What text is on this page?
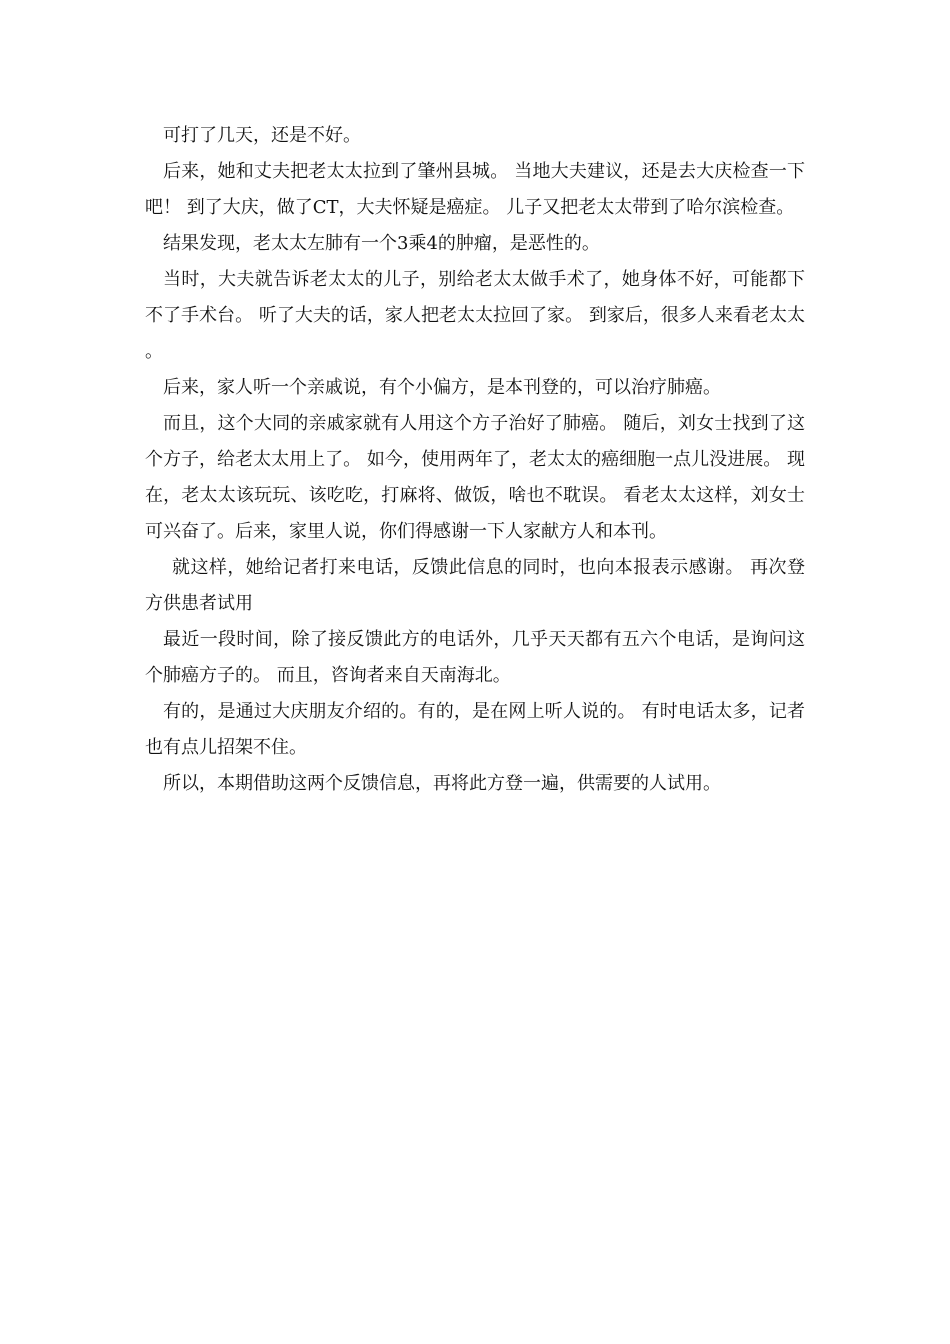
可打了几天，还是不好。

后来，她和丈夫把老太太拉到了肇州县城。 当地大夫建议，还是去大庆检查一下吧！ 到了大庆，做了CT，大夫怀疑是癌症。 儿子又把老太太带到了哈尔滨检查。

结果发现，老太太左肺有一个3乘4的肿瘤，是恶性的。

当时，大夫就告诉老太太的儿子，别给老太太做手术了，她身体不好，可能都下不了手术台。 听了大夫的话，家人把老太太拉回了家。 到家后，很多人来看老太太。

后来，家人听一个亲戚说，有个小偏方，是本刊登的，可以治疗肺癌。

而且，这个大同的亲戚家就有人用这个方子治好了肺癌。 随后，刘女士找到了这个方子，给老太太用上了。 如今，使用两年了，老太太的癌细胞一点儿没进展。 现在，老太太该玩玩、该吃吃，打麻将、做饭，啥也不耽误。 看老太太这样，刘女士可兴奋了。后来，家里人说，你们得感谢一下人家献方人和本刊。

就这样，她给记者打来电话，反馈此信息的同时，也向本报表示感谢。 再次登方供患者试用

最近一段时间，除了接反馈此方的电话外，几乎天天都有五六个电话，是询问这个肺癌方子的。 而且，咨询者来自天南海北。

有的，是通过大庆朋友介绍的。有的，是在网上听人说的。 有时电话太多，记者也有点儿招架不住。

所以，本期借助这两个反馈信息，再将此方登一遍，供需要的人试用。
